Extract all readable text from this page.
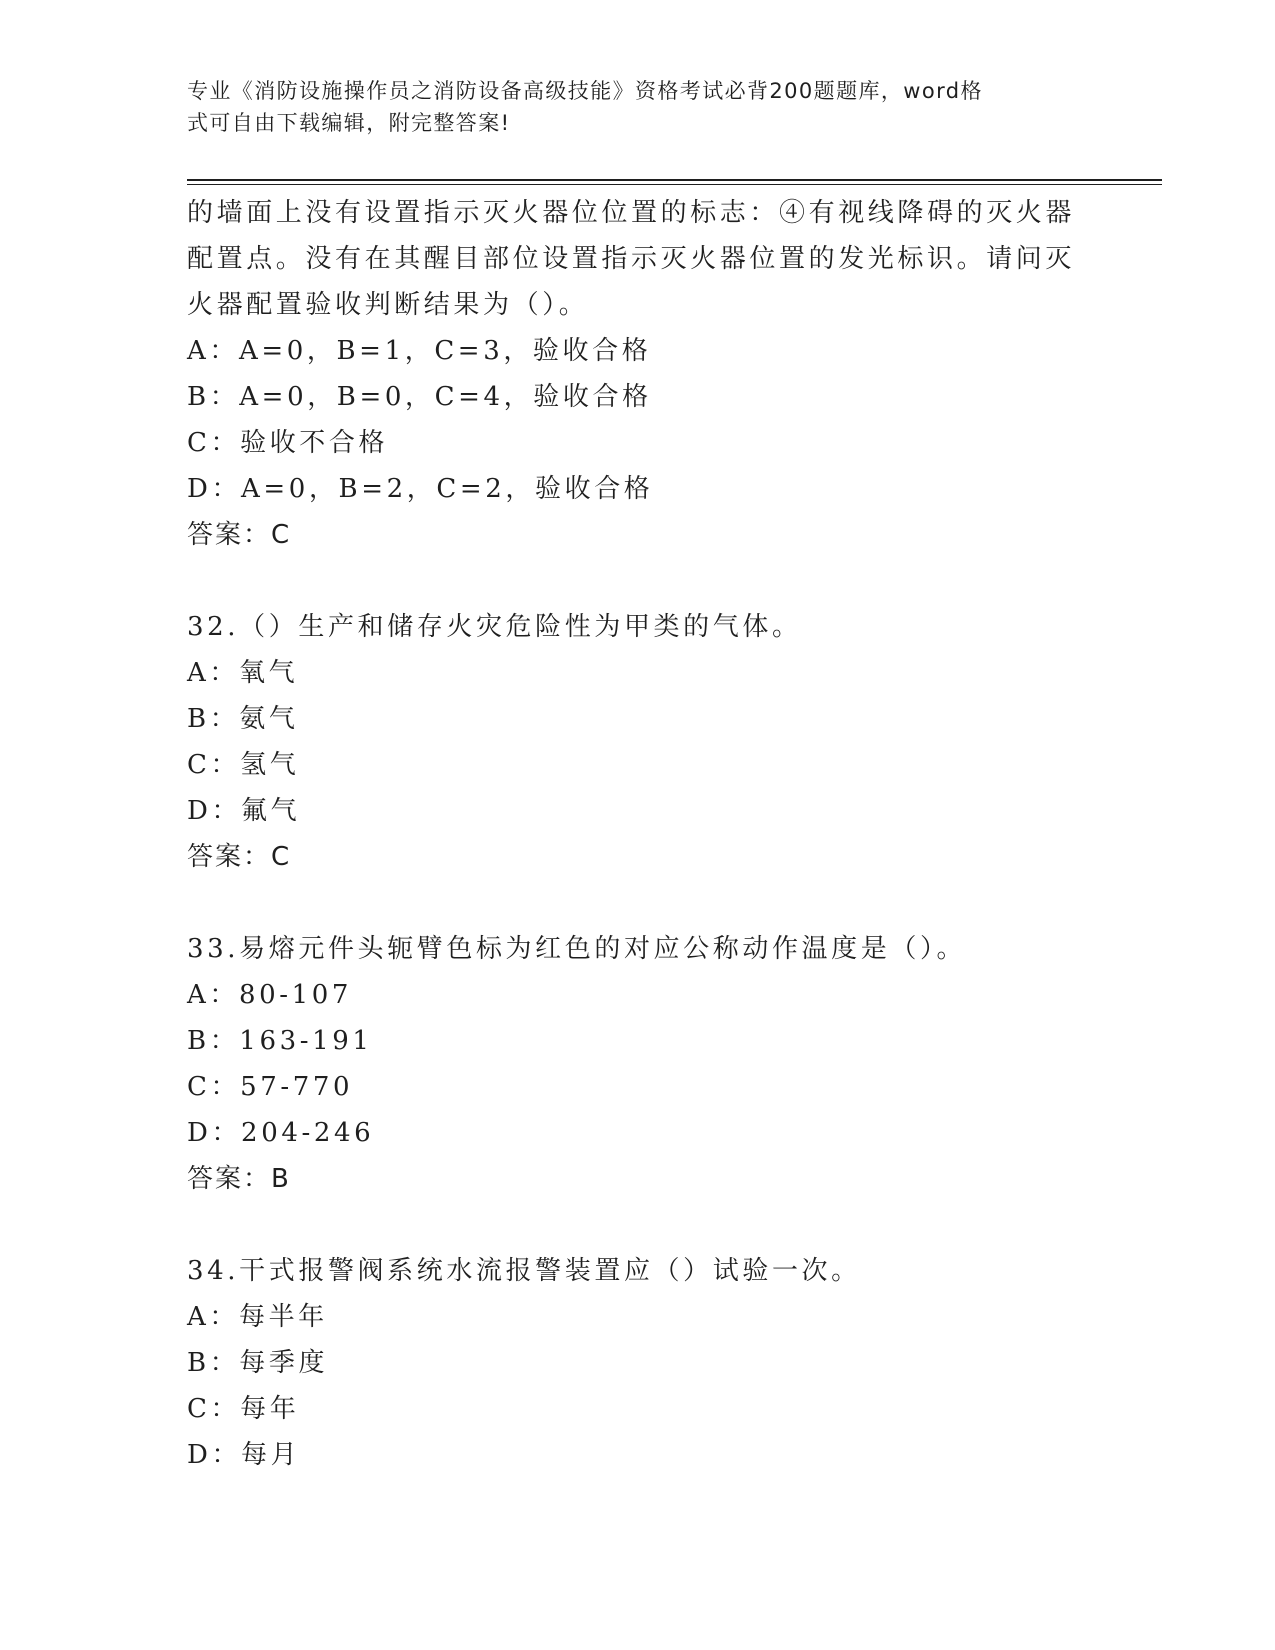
专业《消防设施操作员之消防设备高级技能》资格考试必背200题题库，word格
式可自由下载编辑，附完整答案!
的墙面上没有设置指示灭火器位位置的标志：④有视线降碍的灭火器
配置点。没有在其醒目部位设置指示灭火器位置的发光标识。请问灭
火器配置验收判断结果为（）。
A：A=0，B=1，C=3，验收合格
B：A=0，B=0，C=4，验收合格
C：验收不合格
D：A=0，B=2，C=2，验收合格
答案：C
32.（）生产和储存火灾危险性为甲类的气体。
A：氧气
B：氨气
C：氢气
D：氟气
答案：C
33.易熔元件头轭臂色标为红色的对应公称动作温度是（）。
A：80-107
B：163-191
C：57-770
D：204-246
答案：B
34.干式报警阀系统水流报警装置应（）试验一次。
A：每半年
B：每季度
C：每年
D：每月
